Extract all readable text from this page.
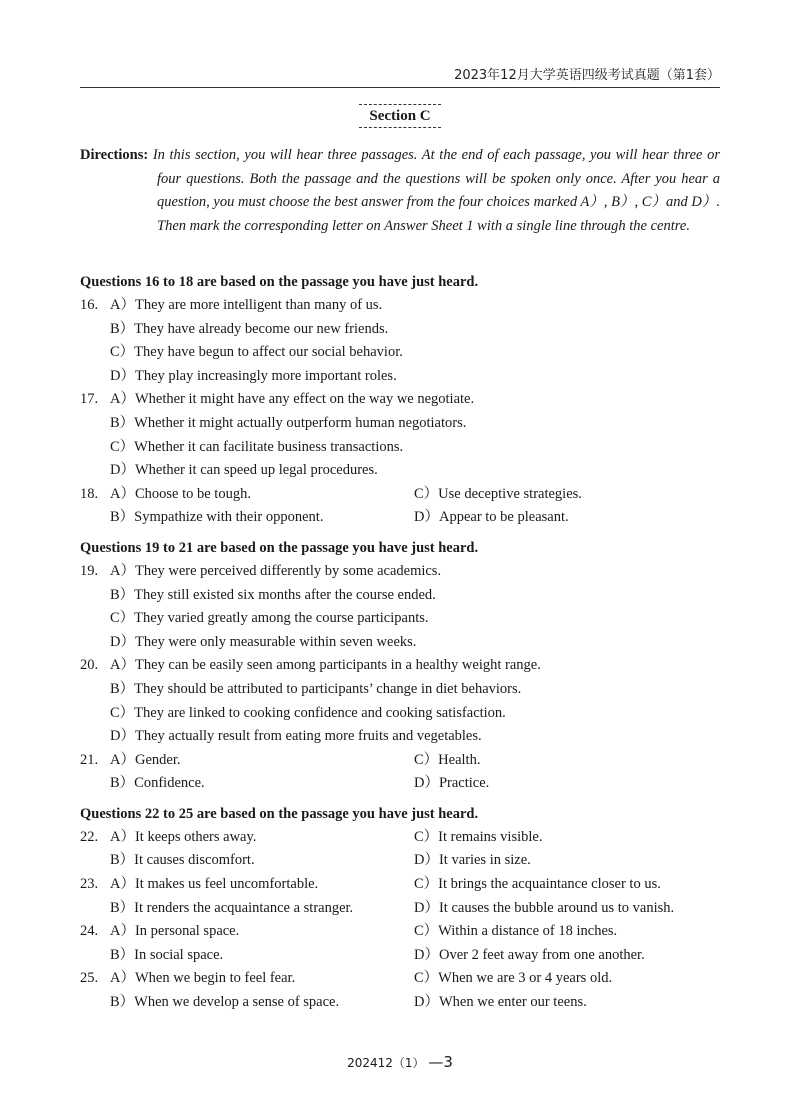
2023年12月大学英语四级考试真题（第1套）
Section C

Directions: In this section, you will hear three passages. At the end of each passage, you will hear three or four questions. Both the passage and the questions will be spoken only once. After you hear a question, you must choose the best answer from the four choices marked A）, B）, C）and D）. Then mark the corresponding letter on Answer Sheet 1 with a single line through the centre.

Questions 16 to 18 are based on the passage you have just heard.
16. A）They are more intelligent than many of us.
B）They have already become our new friends.
C）They have begun to affect our social behavior.
D）They play increasingly more important roles.
17. A）Whether it might have any effect on the way we negotiate.
B）Whether it might actually outperform human negotiators.
C）Whether it can facilitate business transactions.
D）Whether it can speed up legal procedures.
18. A）Choose to be tough.	C）Use deceptive strategies.
B）Sympathize with their opponent.	D）Appear to be pleasant.
Questions 19 to 21 are based on the passage you have just heard.
19. A）They were perceived differently by some academics.
B）They still existed six months after the course ended.
C）They varied greatly among the course participants.
D）They were only measurable within seven weeks.
20. A）They can be easily seen among participants in a healthy weight range.
B）They should be attributed to participants’ change in diet behaviors.
C）They are linked to cooking confidence and cooking satisfaction.
D）They actually result from eating more fruits and vegetables.
21. A）Gender.	C）Health.
B）Confidence.	D）Practice.
Questions 22 to 25 are based on the passage you have just heard.
22. A）It keeps others away.	C）It remains visible.
B）It causes discomfort.	D）It varies in size.
23. A）It makes us feel uncomfortable.	C）It brings the acquaintance closer to us.
B）It renders the acquaintance a stranger.	D）It causes the bubble around us to vanish.
24. A）In personal space.	C）Within a distance of 18 inches.
B）In social space.	D）Over 2 feet away from one another.
25. A）When we begin to feel fear.	C）When we are 3 or 4 years old.
B）When we develop a sense of space.	D）When we enter our teens.
202412（1） —3
